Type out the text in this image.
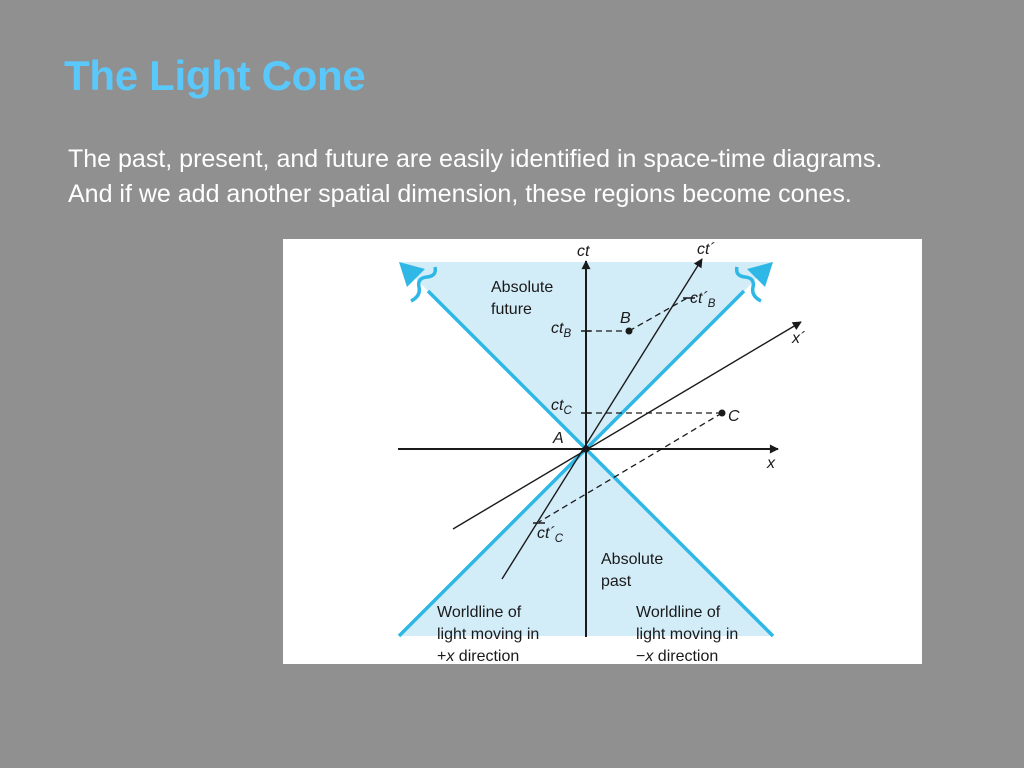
The Light Cone

The past, present, and future are easily identified in space-time diagrams. And if we add another spatial dimension, these regions become cones.

ct	ct´
x´
x
A
B
C
$ct_B$
$ct_C$
$ct´_B$
$ct´_C$
Absolute
future
Absolute
past
Worldline of
light moving in
+x direction
Worldline of
light moving in
−x direction
